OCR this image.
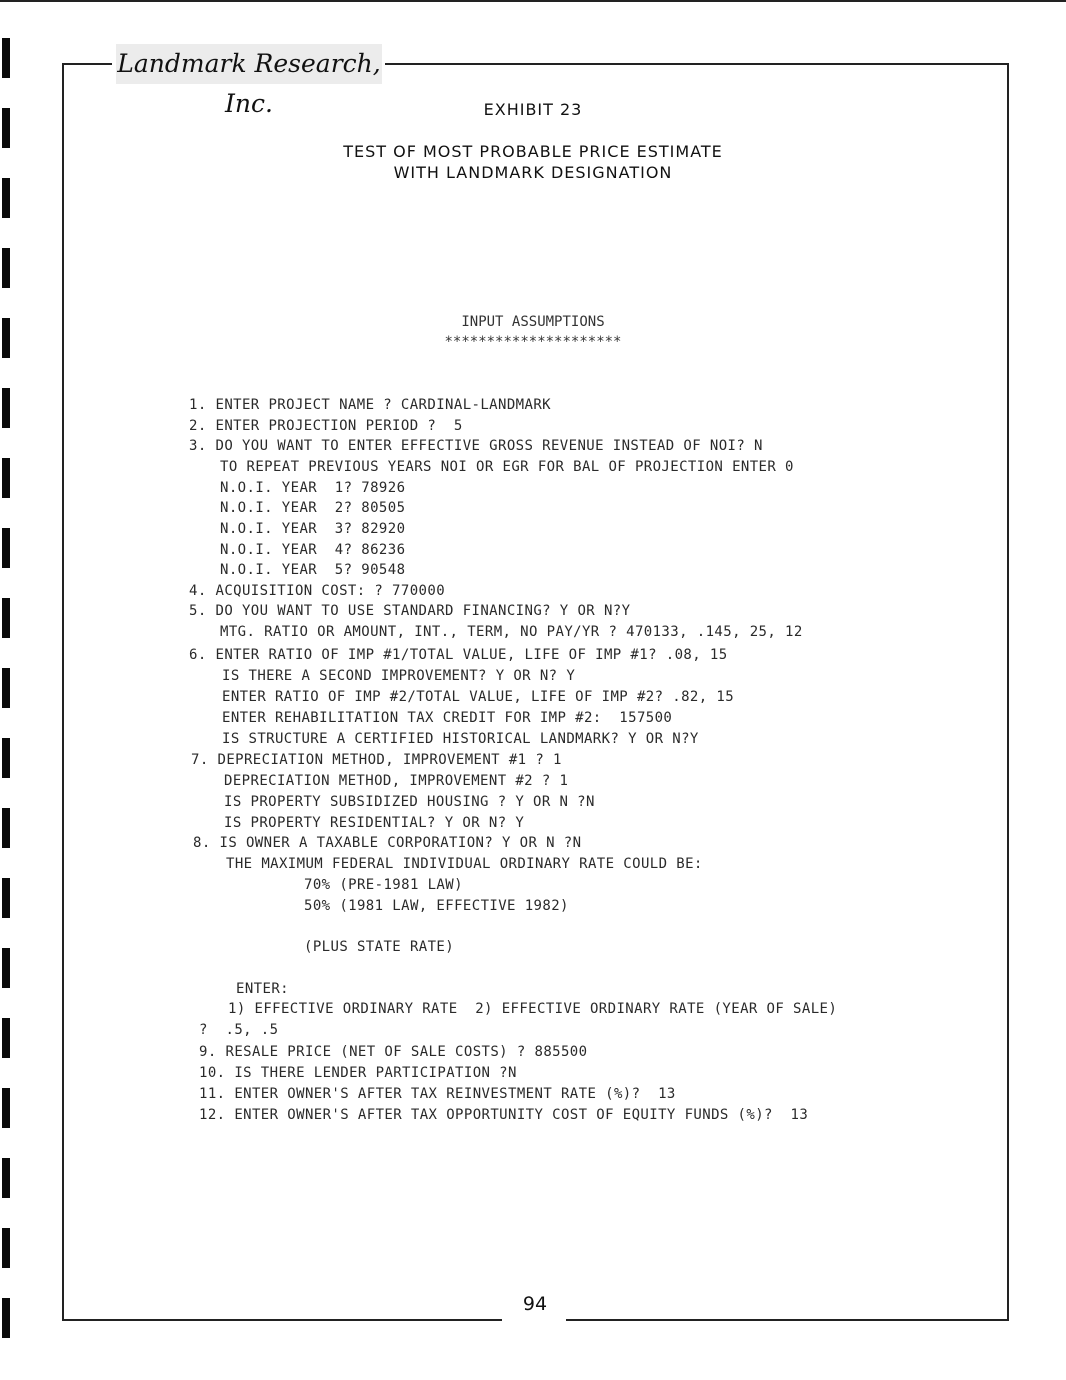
Landmark Research, Inc.	EXHIBIT 23
TEST OF MOST PROBABLE PRICE ESTIMATE
WITH LANDMARK DESIGNATION
INPUT ASSUMPTIONS
*********************
1. ENTER PROJECT NAME ? CARDINAL-LANDMARK
2. ENTER PROJECTION PERIOD ?  5
3. DO YOU WANT TO ENTER EFFECTIVE GROSS REVENUE INSTEAD OF NOI? N
TO REPEAT PREVIOUS YEARS NOI OR EGR FOR BAL OF PROJECTION ENTER 0
N.O.I. YEAR  1? 78926
N.O.I. YEAR  2? 80505
N.O.I. YEAR  3? 82920
N.O.I. YEAR  4? 86236
N.O.I. YEAR  5? 90548
4. ACQUISITION COST: ? 770000
5. DO YOU WANT TO USE STANDARD FINANCING? Y OR N?Y
MTG. RATIO OR AMOUNT, INT., TERM, NO PAY/YR ? 470133, .145, 25, 12
6. ENTER RATIO OF IMP #1/TOTAL VALUE, LIFE OF IMP #1? .08, 15
IS THERE A SECOND IMPROVEMENT? Y OR N? Y
ENTER RATIO OF IMP #2/TOTAL VALUE, LIFE OF IMP #2? .82, 15
ENTER REHABILITATION TAX CREDIT FOR IMP #2:  157500
IS STRUCTURE A CERTIFIED HISTORICAL LANDMARK? Y OR N?Y
7. DEPRECIATION METHOD, IMPROVEMENT #1 ? 1
DEPRECIATION METHOD, IMPROVEMENT #2 ? 1
IS PROPERTY SUBSIDIZED HOUSING ? Y OR N ?N
IS PROPERTY RESIDENTIAL? Y OR N? Y
8. IS OWNER A TAXABLE CORPORATION? Y OR N ?N
THE MAXIMUM FEDERAL INDIVIDUAL ORDINARY RATE COULD BE:
70% (PRE-1981 LAW)
50% (1981 LAW, EFFECTIVE 1982)
(PLUS STATE RATE)
ENTER:
1) EFFECTIVE ORDINARY RATE  2) EFFECTIVE ORDINARY RATE (YEAR OF SALE)
?  .5, .5
9. RESALE PRICE (NET OF SALE COSTS) ? 885500
10. IS THERE LENDER PARTICIPATION ?N
11. ENTER OWNER'S AFTER TAX REINVESTMENT RATE (%)?  13
12. ENTER OWNER'S AFTER TAX OPPORTUNITY COST OF EQUITY FUNDS (%)?  13
94
